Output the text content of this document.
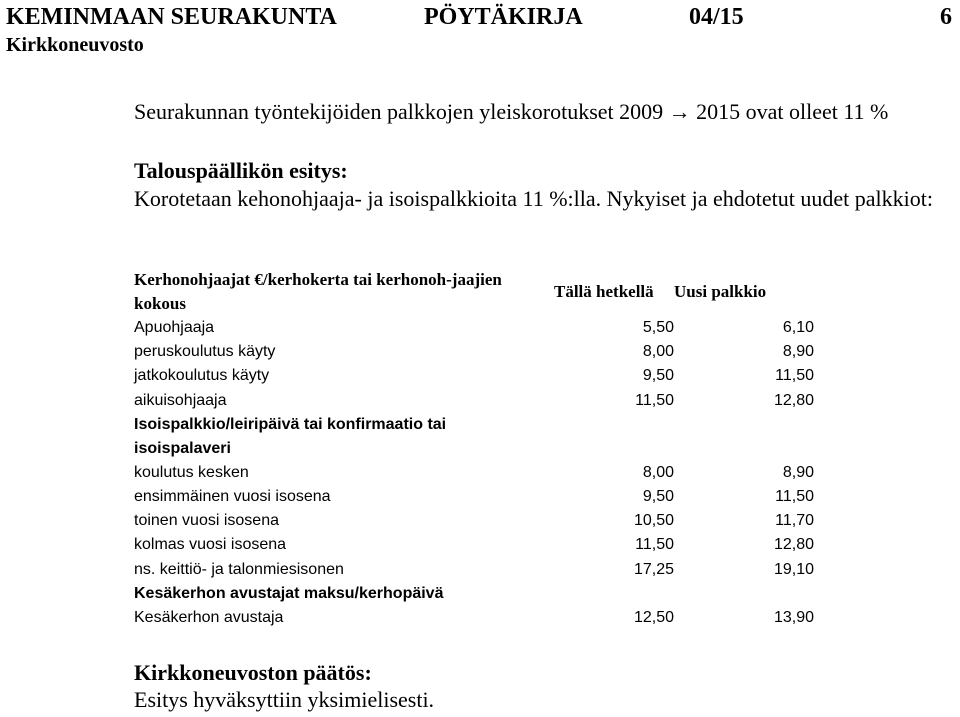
KEMINMAAN SEURAKUNTA	PÖYTÄKIRJA	04/15	6
Kirkkoneuvosto
Seurakunnan työntekijöiden palkkojen yleiskorotukset 2009 → 2015 ovat olleet 11 %
Talouspäällikön esitys:
Korotetaan kehonohjaaja- ja isoispalkkioita 11 %:lla. Nykyiset ja ehdotetut uudet palkkiot:
Kerhonohjaajat €/kerhokerta tai kerhonoh-jaajien kokous	Tällä hetkellä	Uusi palkkio
Apuohjaaja	5,50	6,10
peruskoulutus käyty	8,00	8,90
jatkokoulutus käyty	9,50	11,50
aikuisohjaaja	11,50	12,80
Isoispalkkio/leiripäivä tai konfirmaatio tai isoispalaveri		
koulutus kesken	8,00	8,90
ensimmäinen vuosi isosena	9,50	11,50
toinen vuosi isosena	10,50	11,70
kolmas vuosi isosena	11,50	12,80
ns. keittiö- ja talonmiesisonen	17,25	19,10
Kesäkerhon avustajat maksu/kerhopäivä		
Kesäkerhon avustaja	12,50	13,90
Kirkkoneuvoston päätös:
Esitys hyväksyttiin yksimielisesti.
